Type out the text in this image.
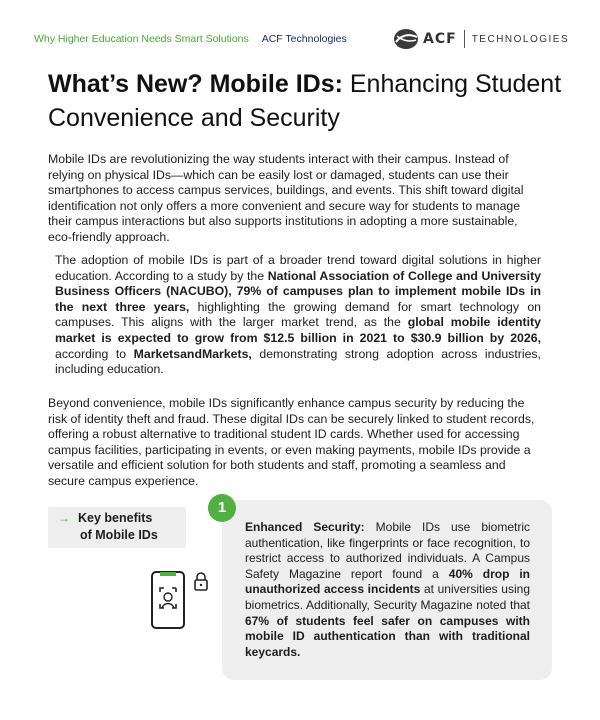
Why Higher Education Needs Smart Solutions ACF Technologies	ACF TECHNOLOGIES
What’s New? Mobile IDs: Enhancing Student Convenience and Security

Mobile IDs are revolutionizing the way students interact with their campus. Instead of relying on physical IDs—which can be easily lost or damaged, students can use their smartphones to access campus services, buildings, and events. This shift toward digital identification not only offers a more convenient and secure way for students to manage their campus interactions but also supports institutions in adopting a more sustainable, eco-friendly approach.

The adoption of mobile IDs is part of a broader trend toward digital solutions in higher education. According to a study by the National Association of College and University Business Officers (NACUBO), 79% of campuses plan to implement mobile IDs in the next three years, highlighting the growing demand for smart technology on campuses. This aligns with the larger market trend, as the global mobile identity market is expected to grow from $12.5 billion in 2021 to $30.9 billion by 2026, according to MarketsandMarkets, demonstrating strong adoption across industries, including education.

Beyond convenience, mobile IDs significantly enhance campus security by reducing the risk of identity theft and fraud. These digital IDs can be securely linked to student records, offering a robust alternative to traditional student ID cards. Whether used for accessing campus facilities, participating in events, or even making payments, mobile IDs provide a versatile and efficient solution for both students and staff, promoting a seamless and secure campus experience.

→ Key benefits
of Mobile IDs
1

Enhanced Security: Mobile IDs use biometric authentication, like fingerprints or face recognition, to restrict access to authorized individuals. A Campus Safety Magazine report found a 40% drop in unauthorized access incidents at universities using biometrics. Additionally, Security Magazine noted that 67% of students feel safer on campuses with mobile ID authentication than with traditional keycards.
